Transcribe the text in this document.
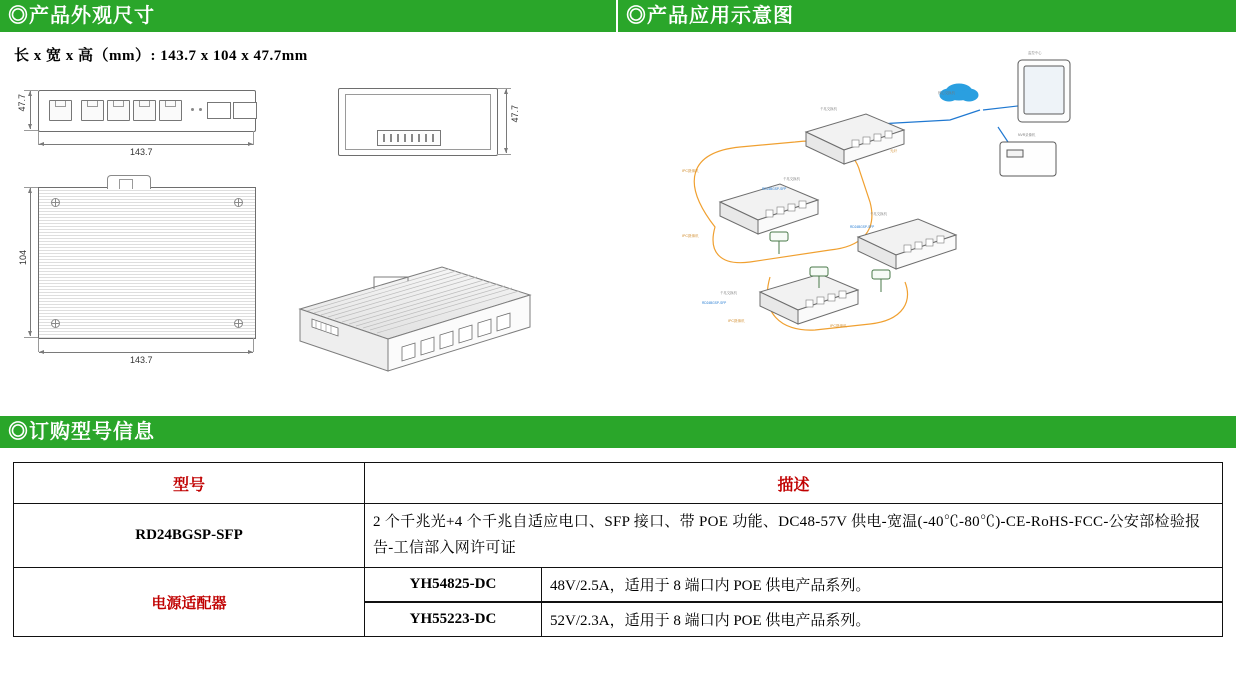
◎产品外观尺寸	◎产品应用示意图
长 x 宽 x 高（mm）: 143.7 x 104 x 47.7mm
47.7
143.7
47.7
104
143.7
IPC摄像机
IPC摄像机
IPC摄像机
IPC摄像机
光纤
千兆交换机
千兆交换机
千兆交换机
千兆交换机
核心交换机
NVR录像机
监控中心
RD24BGSP-SFP
RD24BGSP-SFP
RD24BGSP-SFP
◎订购型号信息
型号	描述
RD24BGSP-SFP	2 个千兆光+4 个千兆自适应电口、SFP 接口、带 POE 功能、DC48-57V 供电-宽温(-40℃-80℃)-CE-RoHS-FCC-公安部检验报告-工信部入网许可证
电源适配器	
YH54825-DC	48V/2.5A，适用于 8 端口内 POE 供电产品系列。

YH55223-DC	52V/2.3A，适用于 8 端口内 POE 供电产品系列。
